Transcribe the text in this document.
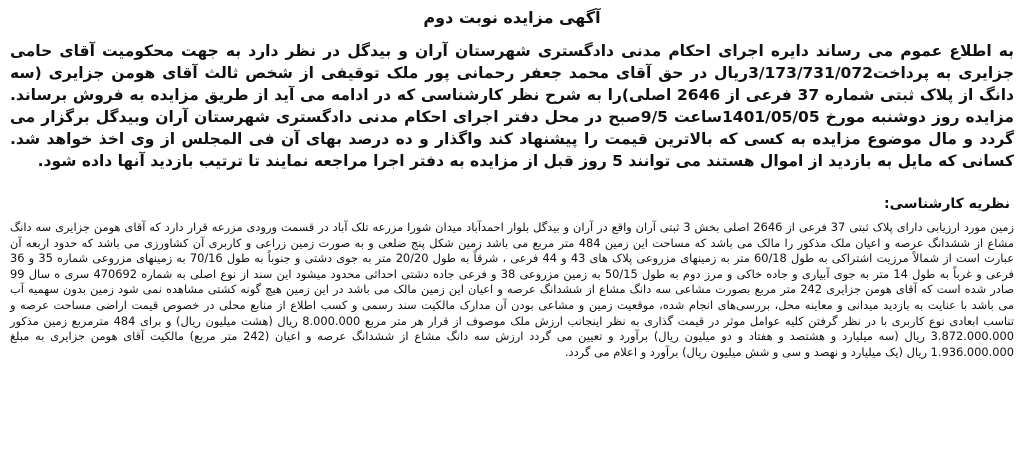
آگهی مزایده نوبت دوم

به اطلاع عموم می رساند دایره اجرای احکام مدنی دادگستری شهرستان آران و بیدگل در نظر دارد به جهت محکومیت آقای حامی جزایری به پرداخت3/173/731/072ریال در حق آقای محمد جعفر رحمانی پور ملک توقیفی از شخص ثالث آقای هومن جزایری (سه دانگ از پلاک ثبتی شماره 37 فرعی از 2646 اصلی)را به شرح نظر کارشناسی که در ادامه می آید از طریق مزایده به فروش برساند. مزایده روز دوشنبه مورخ 1401/05/05ساعت 9/5صبح در محل دفتر اجرای احکام مدنی دادگستری شهرستان آران وبیدگل برگزار می گردد و مال موضوع مزایده به کسی که بالاترین قیمت را پیشنهاد کند واگذار و ده درصد بهای آن فی المجلس از وی اخذ خواهد شد. کسانی که مایل به بازدید از اموال هستند می توانند 5 روز قبل از مزایده به دفتر اجرا مراجعه نمایند تا ترتیب بازدید آنها داده شود.

نظریه کارشناسی:

زمین مورد ارزیابی دارای پلاک ثبتی 37 فرعی از 2646 اصلی بخش 3 ثبتی آران واقع در آران و بیدگل بلوار احمدآباد میدان شورا مزرعه تلک آباد در قسمت ورودی مزرعه قرار دارد که آقای هومن جزایری سه دانگ مشاع از ششدانگ عرصه و اعیان ملک مذکور را مالک می باشد که مساحت این زمین 484 متر مربع می باشد زمین شکل پنج ضلعی و به صورت زمین زراعی و کاربری آن کشاورزی می باشد که حدود اربعه آن عبارت است از شمالاً مرزیت اشتراکی به طول 60/18 متر به زمینهای مزروعی پلاک های 43 و 44 فرعی ، شرقاً به طول 20/20 متر به جوی دشتی و جنوباً به طول 70/16 به زمینهای مزروعی شماره 35 و 36 فرعی و غرباً به طول 14 متر به جوی آبیاری و جاده خاکی و مرز دوم به طول 50/15 به زمین مزروعی 38 و فرعی جاده دشتی احداثی محدود میشود این سند از نوع اصلی به شماره 470692 سری ه سال 99 صادر شده است که آقای هومن جزایری 242 متر مربع بصورت مشاعی سه دانگ مشاع از ششدانگ عرصه و اعیان این زمین مالک می باشد در این زمین هیچ گونه کشتی مشاهده نمی شود زمین بدون سهمیه آب می باشد با عنایت به بازدید میدانی و معاینه محل، بررسی‌های انجام شده، موقعیت زمین و مشاعی بودن آن مدارک مالکیت سند رسمی و کسب اطلاع از منابع محلی در خصوص قیمت اراضی مساحت عرصه و تناسب ابعادی نوع کاربری با در نظر گرفتن کلیه عوامل موثر در قیمت گذاری به نظر اینجانب ارزش ملک موصوف از قرار هر متر مربع 8.000.000 ریال (هشت میلیون ریال) و برای 484 مترمربع زمین مذکور 3.872.000.000 ریال (سه میلیارد و هشتصد و هفتاد و دو میلیون ریال) برآورد و تعیین می گردد ارزش سه دانگ مشاع از ششدانگ عرصه و اعیان (242 متر مربع) مالکیت آقای هومن جزایری به مبلغ 1.936.000.000 ریال (یک میلیارد و نهصد و سی و شش میلیون ریال) برآورد و اعلام می گردد.
